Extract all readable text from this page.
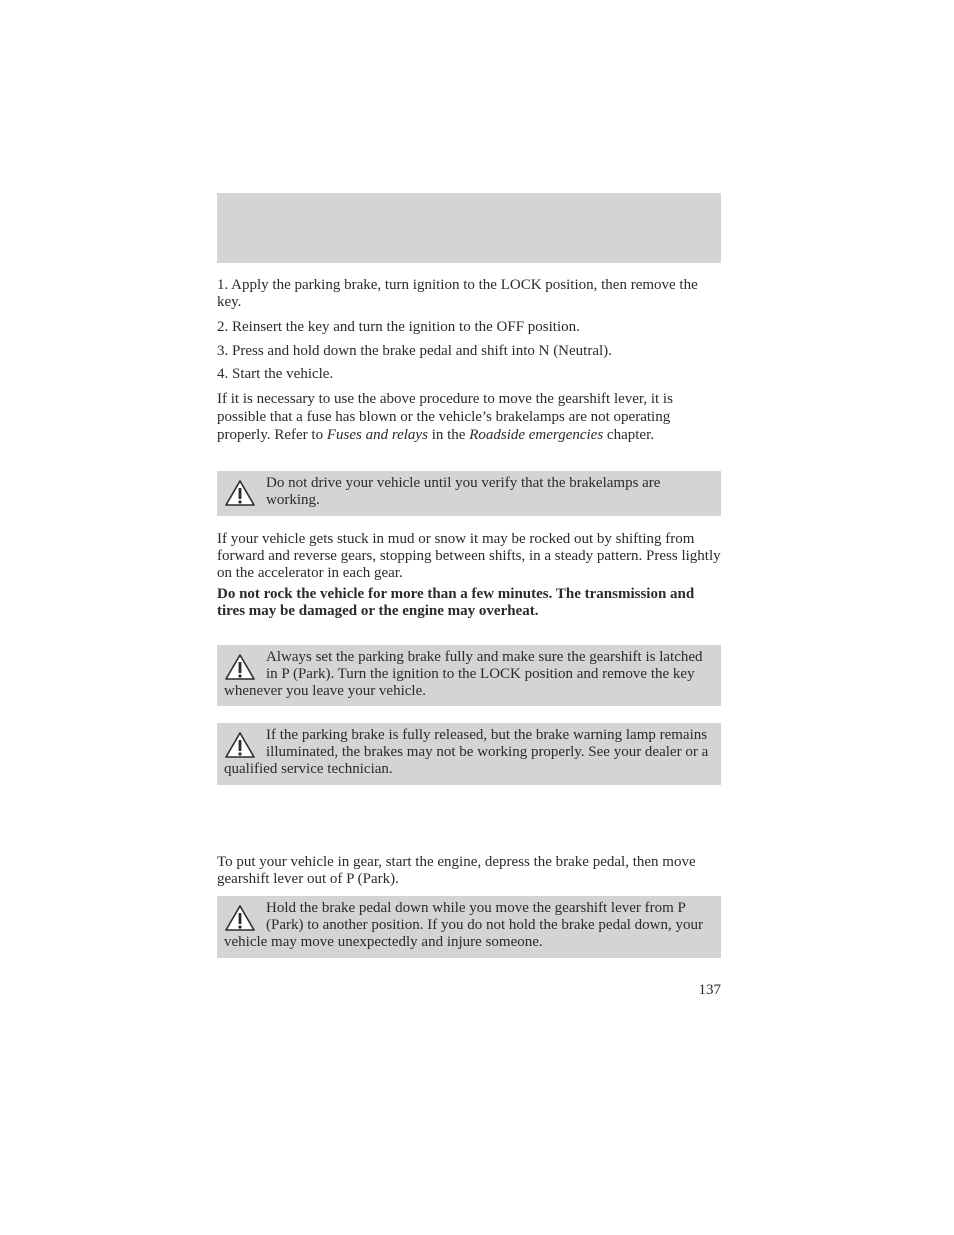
1. Apply the parking brake, turn ignition to the LOCK position, then remove the key.

2. Reinsert the key and turn the ignition to the OFF position.

3. Press and hold down the brake pedal and shift into N (Neutral).

4. Start the vehicle.

If it is necessary to use the above procedure to move the gearshift lever, it is possible that a fuse has blown or the vehicle’s brakelamps are not operating properly. Refer to Fuses and relays in the Roadside emergencies chapter.

Do not drive your vehicle until you verify that the brakelamps are working.

If your vehicle gets stuck in mud or snow it may be rocked out by shifting from forward and reverse gears, stopping between shifts, in a steady pattern. Press lightly on the accelerator in each gear.

Do not rock the vehicle for more than a few minutes. The transmission and tires may be damaged or the engine may overheat.

Always set the parking brake fully and make sure the gearshift is latched in P (Park). Turn the ignition to the LOCK position and remove the key whenever you leave your vehicle.
If the parking brake is fully released, but the brake warning lamp remains illuminated, the brakes may not be working properly. See your dealer or a qualified service technician.

To put your vehicle in gear, start the engine, depress the brake pedal, then move gearshift lever out of P (Park).

Hold the brake pedal down while you move the gearshift lever from P (Park) to another position. If you do not hold the brake pedal down, your vehicle may move unexpectedly and injure someone.
137
